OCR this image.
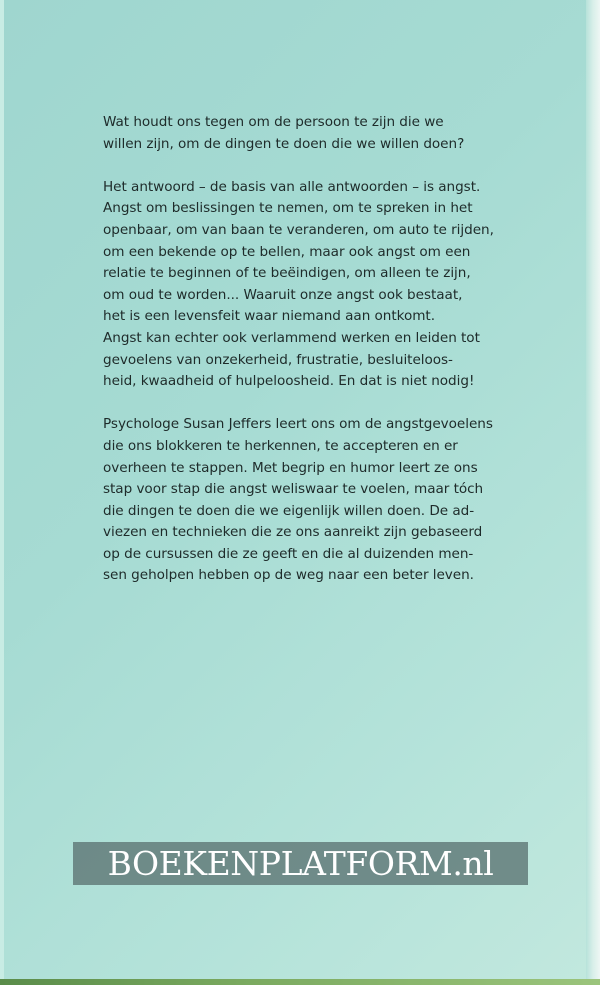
Wat houdt ons tegen om de persoon te zijn die we
willen zijn, om de dingen te doen die we willen doen?

Het antwoord – de basis van alle antwoorden – is angst.
Angst om beslissingen te nemen, om te spreken in het
openbaar, om van baan te veranderen, om auto te rijden,
om een bekende op te bellen, maar ook angst om een
relatie te beginnen of te beëindigen, om alleen te zijn,
om oud te worden... Waaruit onze angst ook bestaat,
het is een levensfeit waar niemand aan ontkomt.
Angst kan echter ook verlammend werken en leiden tot
gevoelens van onzekerheid, frustratie, besluiteloos-
heid, kwaadheid of hulpeloosheid. En dat is niet nodig!

Psychologe Susan Jeffers leert ons om de angstgevoelens
die ons blokkeren te herkennen, te accepteren en er
overheen te stappen. Met begrip en humor leert ze ons
stap voor stap die angst weliswaar te voelen, maar tóch
die dingen te doen die we eigenlijk willen doen. De ad-
viezen en technieken die ze ons aanreikt zijn gebaseerd
op de cursussen die ze geeft en die al duizenden men-
sen geholpen hebben op de weg naar een beter leven.

BOEKENPLATFORM.nl
